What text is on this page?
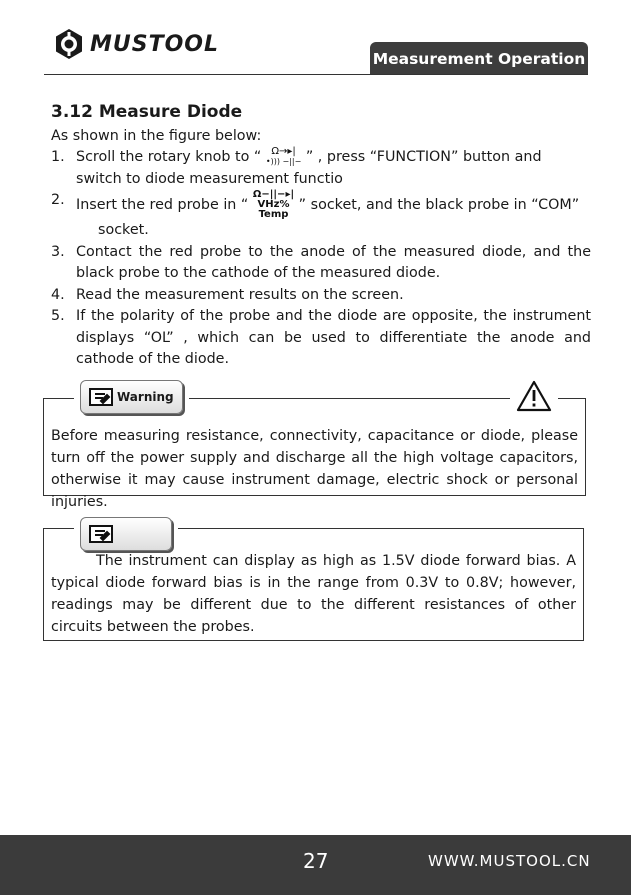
MUSTOOL
Measurement Operation
3.12 Measure Diode
As shown in the figure below:
1. Scroll the rotary knob to “	Ω→▸|
•))) −||− ” , press “FUNCTION” button and
switch to diode measurement functio
2. Insert the red probe in “
Ω−||−▸|
VHz%
Temp
” socket, and the black probe in “COM”
socket.
3. Contact the red probe to the anode of the measured diode, and the black probe to the cathode of the measured diode.
4. Read the measurement results on the screen.
5. If the polarity of the probe and the diode are opposite, the instrument displays “OL” , which can be used to differentiate the anode and cathode of the diode.
Before measuring resistance, connectivity, capacitance or diode, please turn off the power supply and discharge all the high voltage capacitors, otherwise it may cause instrument damage, electric shock or personal injuries.
Warning
The instrument can display as high as 1.5V diode forward bias. A typical diode forward bias is in the range from 0.3V to 0.8V; however, readings may be different due to the different resistances of other circuits between the probes.
27	WWW.MUSTOOL.CN
